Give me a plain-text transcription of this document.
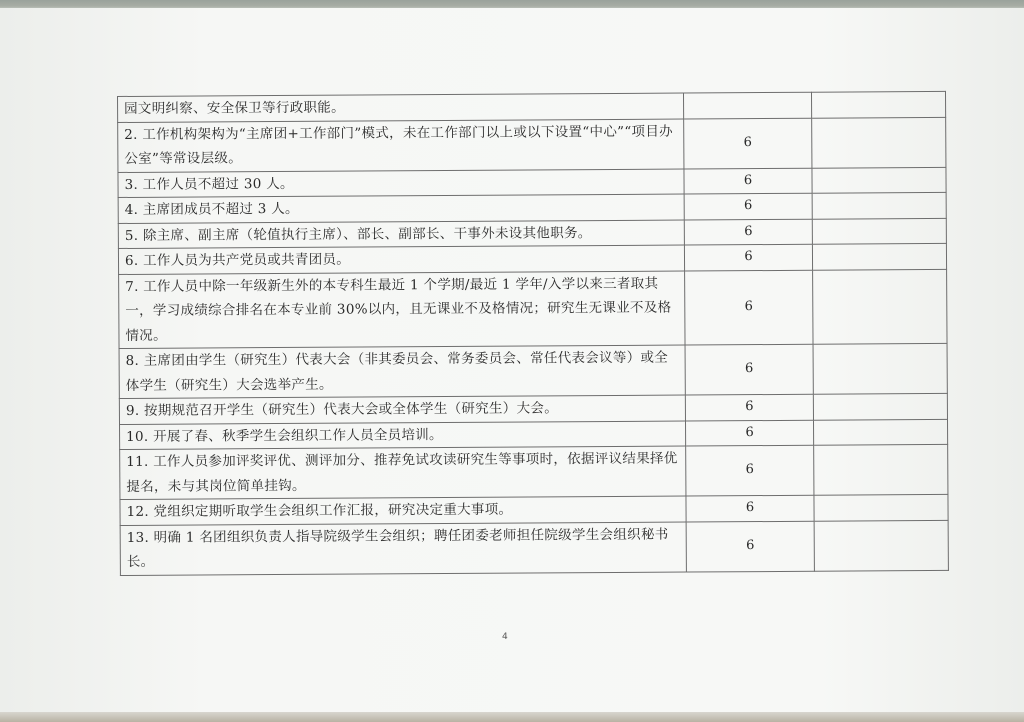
园文明纠察、安全保卫等行政职能。		
2. 工作机构架构为“主席团+工作部门”模式，未在工作部门以上或以下设置“中心”“项目办公室”等常设层级。	6	
3. 工作人员不超过 30 人。	6	
4. 主席团成员不超过 3 人。	6	
5. 除主席、副主席（轮值执行主席）、部长、副部长、干事外未设其他职务。	6	
6. 工作人员为共产党员或共青团员。	6	
7. 工作人员中除一年级新生外的本专科生最近 1 个学期/最近 1 学年/入学以来三者取其一，学习成绩综合排名在本专业前 30%以内，且无课业不及格情况；研究生无课业不及格情况。	6	
8. 主席团由学生（研究生）代表大会（非其委员会、常务委员会、常任代表会议等）或全体学生（研究生）大会选举产生。	6	
9. 按期规范召开学生（研究生）代表大会或全体学生（研究生）大会。	6	
10. 开展了春、秋季学生会组织工作人员全员培训。	6	
11. 工作人员参加评奖评优、测评加分、推荐免试攻读研究生等事项时，依据评议结果择优提名，未与其岗位简单挂钩。	6	
12. 党组织定期听取学生会组织工作汇报，研究决定重大事项。	6	
13. 明确 1 名团组织负责人指导院级学生会组织；聘任团委老师担任院级学生会组织秘书长。	6	
4
